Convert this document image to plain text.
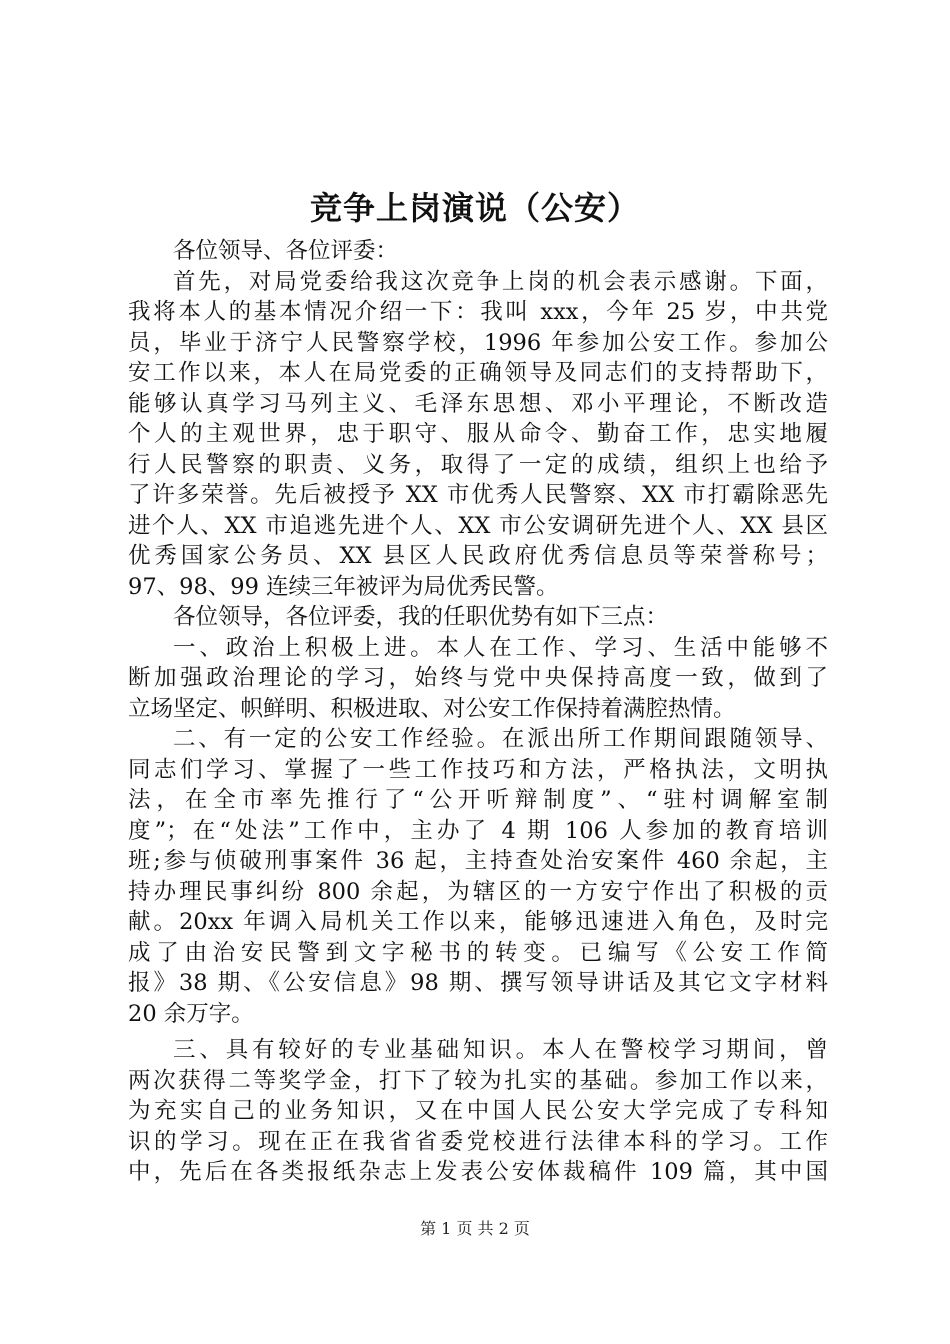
竞争上岗演说（公安）
各位领导、各位评委：
首先，对局党委给我这次竞争上岗的机会表示感谢。下面，
我将本人的基本情况介绍一下：我叫 xxx，今年 25 岁，中共党
员，毕业于济宁人民警察学校，1996 年参加公安工作。参加公
安工作以来，本人在局党委的正确领导及同志们的支持帮助下，
能够认真学习马列主义、毛泽东思想、邓小平理论，不断改造
个人的主观世界，忠于职守、服从命令、勤奋工作，忠实地履
行人民警察的职责、义务，取得了一定的成绩，组织上也给予
了许多荣誉。先后被授予 XX 市优秀人民警察、XX 市打霸除恶先
进个人、XX 市追逃先进个人、XX 市公安调研先进个人、XX 县区
优秀国家公务员、XX 县区人民政府优秀信息员等荣誉称号；
97、98、99 连续三年被评为局优秀民警。
各位领导，各位评委，我的任职优势有如下三点：
一、政治上积极上进。本人在工作、学习、生活中能够不
断加强政治理论的学习，始终与党中央保持高度一致，做到了
立场坚定、帜鲜明、积极进取、对公安工作保持着满腔热情。
二、有一定的公安工作经验。在派出所工作期间跟随领导、
同志们学习、掌握了一些工作技巧和方法，严格执法，文明执
法，在全市率先推行了“公开听辩制度”、“驻村调解室制
度”；在“处法”工作中，主办了 4 期 106 人参加的教育培训
班;参与侦破刑事案件 36 起，主持查处治安案件 460 余起，主
持办理民事纠纷 800 余起，为辖区的一方安宁作出了积极的贡
献。20xx 年调入局机关工作以来，能够迅速进入角色，及时完
成了由治安民警到文字秘书的转变。已编写《公安工作简
报》38 期、《公安信息》98 期、撰写领导讲话及其它文字材料
20 余万字。
三、具有较好的专业基础知识。本人在警校学习期间，曾
两次获得二等奖学金，打下了较为扎实的基础。参加工作以来，
为充实自己的业务知识，又在中国人民公安大学完成了专科知
识的学习。现在正在我省省委党校进行法律本科的学习。工作
中，先后在各类报纸杂志上发表公安体裁稿件 109 篇，其中国
第 1 页 共 2 页
